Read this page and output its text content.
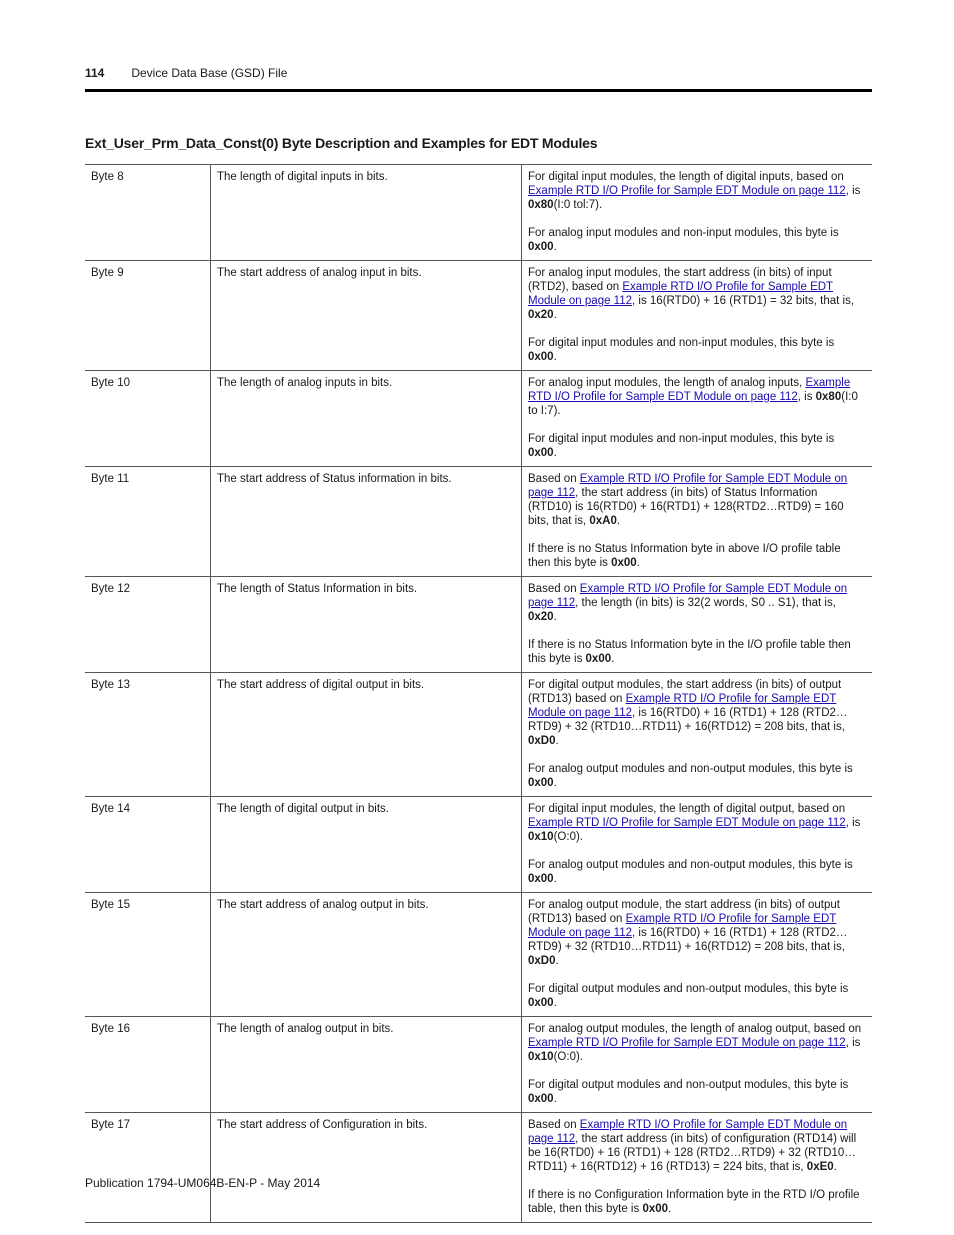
114 Device Data Base (GSD) File
Ext_User_Prm_Data_Const(0) Byte Description and Examples for EDT Modules
Byte 8	The length of digital inputs in bits.	For digital input modules, the length of digital inputs, based on Example RTD I/O Profile for Sample EDT Module on page 112, is 0x80(I:0 tol:7).

For analog input modules and non-input modules, this byte is 0x00.

Byte 9	The start address of analog input in bits.	For analog input modules, the start address (in bits) of input (RTD2), based on Example RTD I/O Profile for Sample EDT Module on page 112, is 16(RTD0) + 16 (RTD1) = 32 bits, that is, 0x20.

For digital input modules and non-input modules, this byte is 0x00.

Byte 10	The length of analog inputs in bits.	For analog input modules, the length of analog inputs, Example RTD I/O Profile for Sample EDT Module on page 112, is 0x80(I:0 to I:7).

For digital input modules and non-input modules, this byte is 0x00.

Byte 11	The start address of Status information in bits.	Based on Example RTD I/O Profile for Sample EDT Module on page 112, the start address (in bits) of Status Information (RTD10) is 16(RTD0) + 16(RTD1) + 128(RTD2…RTD9) = 160 bits, that is, 0xA0.

If there is no Status Information byte in above I/O profile table then this byte is 0x00.

Byte 12	The length of Status Information in bits.	Based on Example RTD I/O Profile for Sample EDT Module on page 112, the length (in bits) is 32(2 words, S0 .. S1), that is, 0x20.

If there is no Status Information byte in the I/O profile table then this byte is 0x00.

Byte 13	The start address of digital output in bits.	For digital output modules, the start address (in bits) of output (RTD13) based on Example RTD I/O Profile for Sample EDT Module on page 112, is 16(RTD0) + 16 (RTD1) + 128 (RTD2…RTD9) + 32 (RTD10…RTD11) + 16(RTD12) = 208 bits, that is, 0xD0.

For analog output modules and non-output modules, this byte is 0x00.

Byte 14	The length of digital output in bits.	For digital input modules, the length of digital output, based on Example RTD I/O Profile for Sample EDT Module on page 112, is 0x10(O:0).

For analog output modules and non-output modules, this byte is 0x00.

Byte 15	The start address of analog output in bits.	For analog output module, the start address (in bits) of output (RTD13) based on Example RTD I/O Profile for Sample EDT Module on page 112, is 16(RTD0) + 16 (RTD1) + 128 (RTD2…RTD9) + 32 (RTD10…RTD11) + 16(RTD12) = 208 bits, that is, 0xD0.

For digital output modules and non-output modules, this byte is 0x00.

Byte 16	The length of analog output in bits.	For analog output modules, the length of analog output, based on Example RTD I/O Profile for Sample EDT Module on page 112, is 0x10(O:0).

For digital output modules and non-output modules, this byte is 0x00.

Byte 17	The start address of Configuration in bits.	Based on Example RTD I/O Profile for Sample EDT Module on page 112, the start address (in bits) of configuration (RTD14) will be 16(RTD0) + 16 (RTD1) + 128 (RTD2…RTD9) + 32 (RTD10…RTD11) + 16(RTD12) + 16 (RTD13) = 224 bits, that is, 0xE0.

If there is no Configuration Information byte in the RTD I/O profile table, then this byte is 0x00.

Publication 1794-UM064B-EN-P - May 2014
